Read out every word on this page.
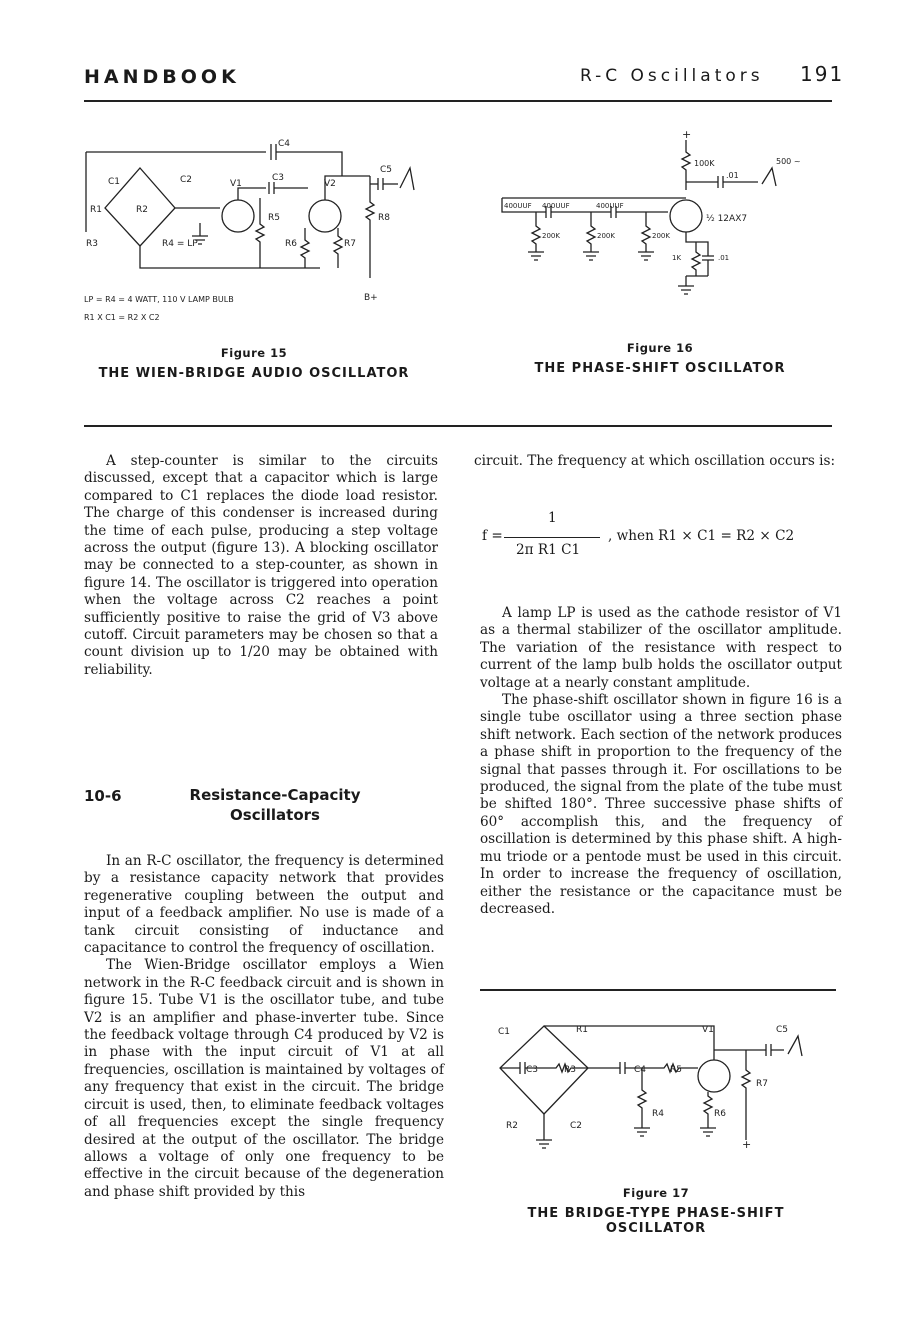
HANDBOOK	R-C Oscillators 191
C4
C1	C2
R1	R2
R3	R4 = LP
V1
C3
R5
V2
R8
C5
R6	R7
B+
LP = R4 = 4 WATT, 110 V LAMP BULB
R1 X C1 = R2 X C2
Figure 15
THE WIEN-BRIDGE AUDIO OSCILLATOR
+
100K	500 ~
.01
400UUF 400UUF	400UUF
½ 12AX7
200K	200K	200K
1K	.01
Figure 16
THE PHASE-SHIFT OSCILLATOR

A step-counter is similar to the circuits discussed, except that a capacitor which is large compared to C1 replaces the diode load resistor. The charge of this condenser is increased during the time of each pulse, producing a step voltage across the output (figure 13). A blocking oscillator may be connected to a step-counter, as shown in figure 14. The oscillator is triggered into operation when the voltage across C2 reaches a point sufficiently positive to raise the grid of V3 above cutoff. Circuit parameters may be chosen so that a count division up to 1/20 may be obtained with reliability.

10-6	Resistance-Capacity
Oscillators

In an R-C oscillator, the frequency is determined by a resistance capacity network that provides regenerative coupling between the output and input of a feedback amplifier. No use is made of a tank circuit consisting of inductance and capacitance to control the frequency of oscillation.

The Wien-Bridge oscillator employs a Wien network in the R-C feedback circuit and is shown in figure 15. Tube V1 is the oscillator tube, and tube V2 is an amplifier and phase-inverter tube. Since the feedback voltage through C4 produced by V2 is in phase with the input circuit of V1 at all frequencies, oscillation is maintained by voltages of any frequency that exist in the circuit. The bridge circuit is used, then, to eliminate feedback voltages of all frequencies except the single frequency desired at the output of the oscillator. The bridge allows a voltage of only one frequency to be effective in the circuit because of the degeneration and phase shift provided by this

circuit. The frequency at which oscillation occurs is:

f =
1
2π R1 C1
, when R1 × C1 = R2 × C2

A lamp LP is used as the cathode resistor of V1 as a thermal stabilizer of the oscillator amplitude. The variation of the resistance with respect to current of the lamp bulb holds the oscillator output voltage at a nearly constant amplitude.

The phase-shift oscillator shown in figure 16 is a single tube oscillator using a three section phase shift network. Each section of the network produces a phase shift in proportion to the frequency of the signal that passes through it. For oscillations to be produced, the signal from the plate of the tube must be shifted 180°. Three successive phase shifts of 60° accomplish this, and the frequency of oscillation is determined by this phase shift. A high-mu triode or a pentode must be used in this circuit. In order to increase the frequency of oscillation, either the resistance or the capacitance must be decreased.

C1	R1	V1	C5
C3	R3	C4	R5
R7
R4	R6
R2	C2
+
Figure 17
THE BRIDGE-TYPE PHASE-SHIFT
OSCILLATOR
